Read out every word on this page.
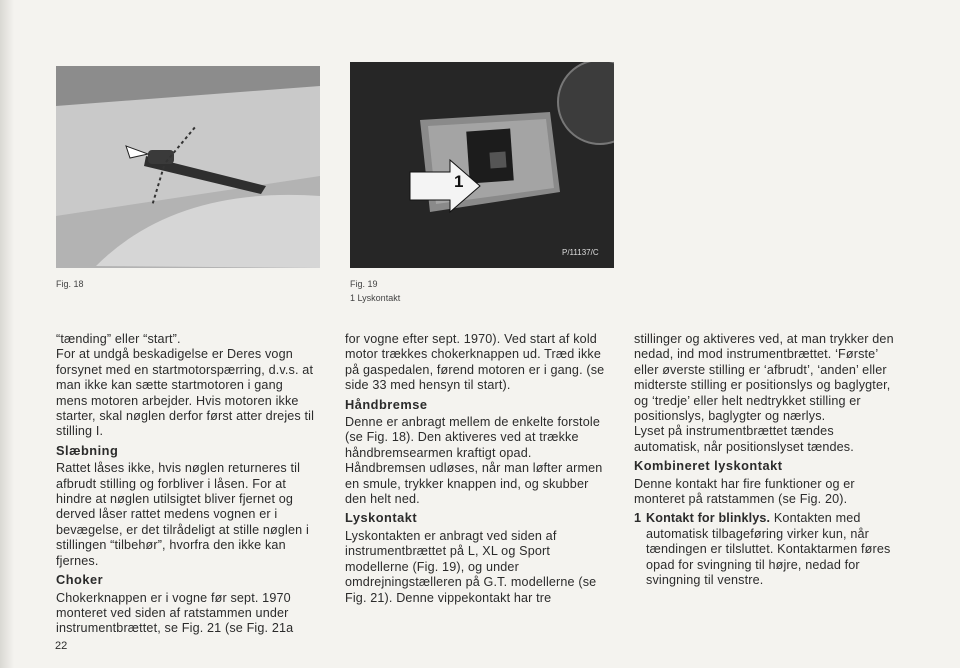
Fig. 18
1
P/11137/C
Fig. 19
1 Lyskontakt

“tænding” eller “start”.

For at undgå beskadigelse er Deres vogn forsynet med en startmotorspærring, d.v.s. at man ikke kan sætte startmotoren i gang mens motoren arbejder. Hvis motoren ikke starter, skal nøglen derfor først atter drejes til stilling I.

Slæbning

Rattet låses ikke, hvis nøglen returneres til afbrudt stilling og forbliver i låsen. For at hindre at nøglen utilsigtet bliver fjernet og derved låser rattet medens vognen er i bevægelse, er det tilrådeligt at stille nøglen i stillingen “tilbehør”, hvorfra den ikke kan fjernes.

Choker

Chokerknappen er i vogne før sept. 1970 monteret ved siden af ratstammen under instrumentbrættet, se Fig. 21 (se Fig. 21a

for vogne efter sept. 1970). Ved start af kold motor trækkes chokerknappen ud. Træd ikke på gaspedalen, førend motoren er i gang. (se side 33 med hensyn til start).

Håndbremse

Denne er anbragt mellem de enkelte forstole (se Fig. 18). Den aktiveres ved at trække håndbremsearmen kraftigt opad. Håndbremsen udløses, når man løfter armen en smule, trykker knappen ind, og skubber den helt ned.

Lyskontakt

Lyskontakten er anbragt ved siden af instrumentbrættet på L, XL og Sport modellerne (Fig. 19), og under omdrejningstælleren på G.T. modellerne (se Fig. 21). Denne vippekontakt har tre

stillinger og aktiveres ved, at man trykker den nedad, ind mod instrumentbrættet. ‘Første’ eller øverste stilling er ‘afbrudt’, ‘anden’ eller midterste stilling er positionslys og baglygter, og ‘tredje’ eller helt nedtrykket stilling er positionslys, baglygter og nærlys.

Lyset på instrumentbrættet tændes automatisk, når positionslyset tændes.

Kombineret lyskontakt

Denne kontakt har fire funktioner og er monteret på ratstammen (se Fig. 20).

1 Kontakt for blinklys. Kontakten med automatisk tilbageføring virker kun, når tændingen er tilsluttet. Kontaktarmen føres opad for svingning til højre, nedad for svingning til venstre.
22
